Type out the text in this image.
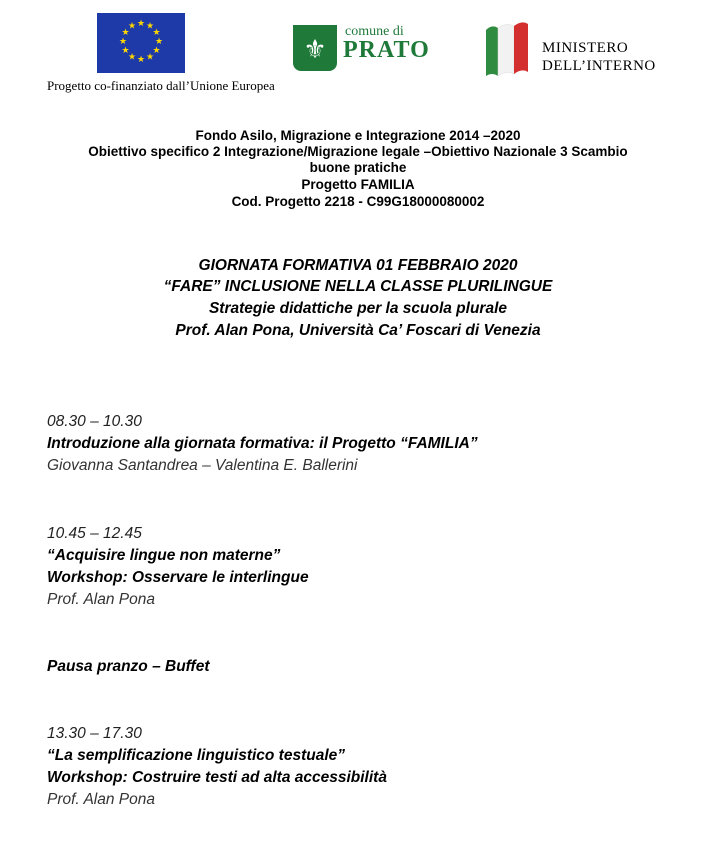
★ ★
★
★
★
★
★
★
★
★
★
★
Progetto co-finanziato dall’Unione Europea
⚜
comune di
PRATO	MINISTERO
DELL’INTERNO
Fondo Asilo, Migrazione e Integrazione 2014 –2020
Obiettivo specifico 2 Integrazione/Migrazione legale –Obiettivo Nazionale 3 Scambio
buone pratiche
Progetto FAMILIA
Cod. Progetto 2218 - C99G18000080002
GIORNATA FORMATIVA 01 FEBBRAIO 2020
“FARE” INCLUSIONE NELLA CLASSE PLURILINGUE
Strategie didattiche per la scuola plurale
Prof. Alan Pona, Università Ca’ Foscari di Venezia
08.30 – 10.30
Introduzione alla giornata formativa: il Progetto “FAMILIA”
Giovanna Santandrea – Valentina E. Ballerini
10.45 – 12.45
“Acquisire lingue non materne”
Workshop: Osservare le interlingue
Prof. Alan Pona
Pausa pranzo – Buffet
13.30 – 17.30
“La semplificazione linguistico testuale”
Workshop: Costruire testi ad alta accessibilità
Prof. Alan Pona
